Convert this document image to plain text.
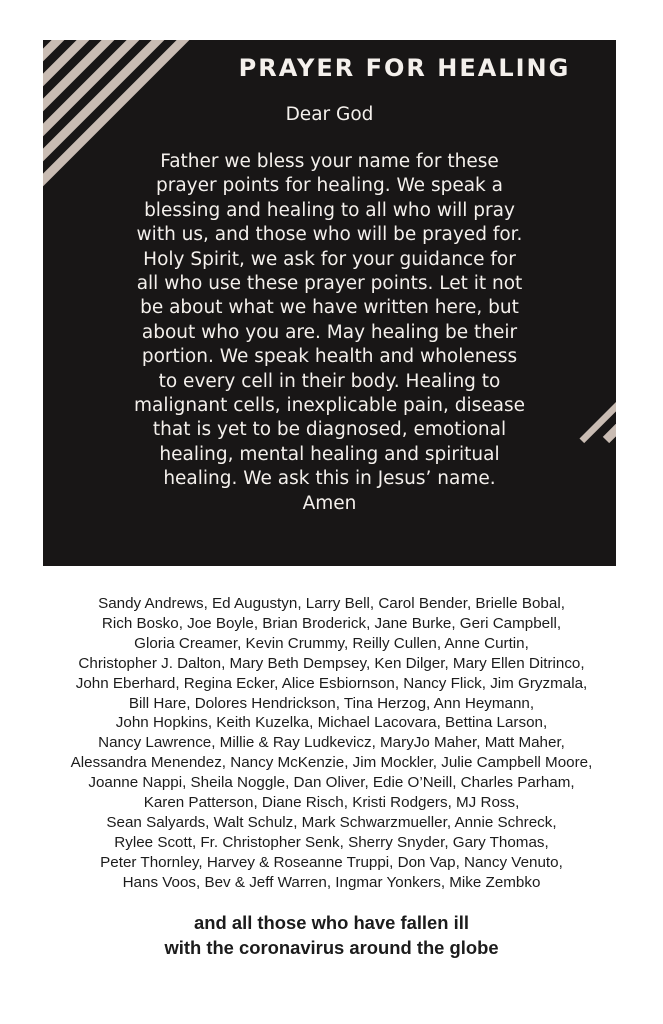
PRAYER FOR HEALING
Dear God
Father we bless your name for these
prayer points for healing. We speak a
blessing and healing to all who will pray
with us, and those who will be prayed for.
Holy Spirit, we ask for your guidance for
all who use these prayer points. Let it not
be about what we have written here, but
about who you are. May healing be their
portion. We speak health and wholeness
to every cell in their body. Healing to
malignant cells, inexplicable pain, disease
that is yet to be diagnosed, emotional
healing, mental healing and spiritual
healing. We ask this in Jesus’ name.
Amen
Sandy Andrews, Ed Augustyn, Larry Bell, Carol Bender, Brielle Bobal,
Rich Bosko, Joe Boyle, Brian Broderick, Jane Burke, Geri Campbell,
Gloria Creamer, Kevin Crummy, Reilly Cullen, Anne Curtin,
Christopher J. Dalton, Mary Beth Dempsey, Ken Dilger, Mary Ellen Ditrinco,
John Eberhard, Regina Ecker, Alice Esbiornson, Nancy Flick, Jim Gryzmala,
Bill Hare, Dolores Hendrickson, Tina Herzog, Ann Heymann,
John Hopkins, Keith Kuzelka, Michael Lacovara, Bettina Larson,
Nancy Lawrence, Millie & Ray Ludkevicz, MaryJo Maher, Matt Maher,
Alessandra Menendez, Nancy McKenzie, Jim Mockler, Julie Campbell Moore,
Joanne Nappi, Sheila Noggle, Dan Oliver, Edie O’Neill, Charles Parham,
Karen Patterson, Diane Risch, Kristi Rodgers, MJ Ross,
Sean Salyards, Walt Schulz, Mark Schwarzmueller, Annie Schreck,
Rylee Scott, Fr. Christopher Senk, Sherry Snyder, Gary Thomas,
Peter Thornley, Harvey & Roseanne Truppi, Don Vap, Nancy Venuto,
Hans Voos, Bev & Jeff Warren, Ingmar Yonkers, Mike Zembko
and all those who have fallen ill
with the coronavirus around the globe
